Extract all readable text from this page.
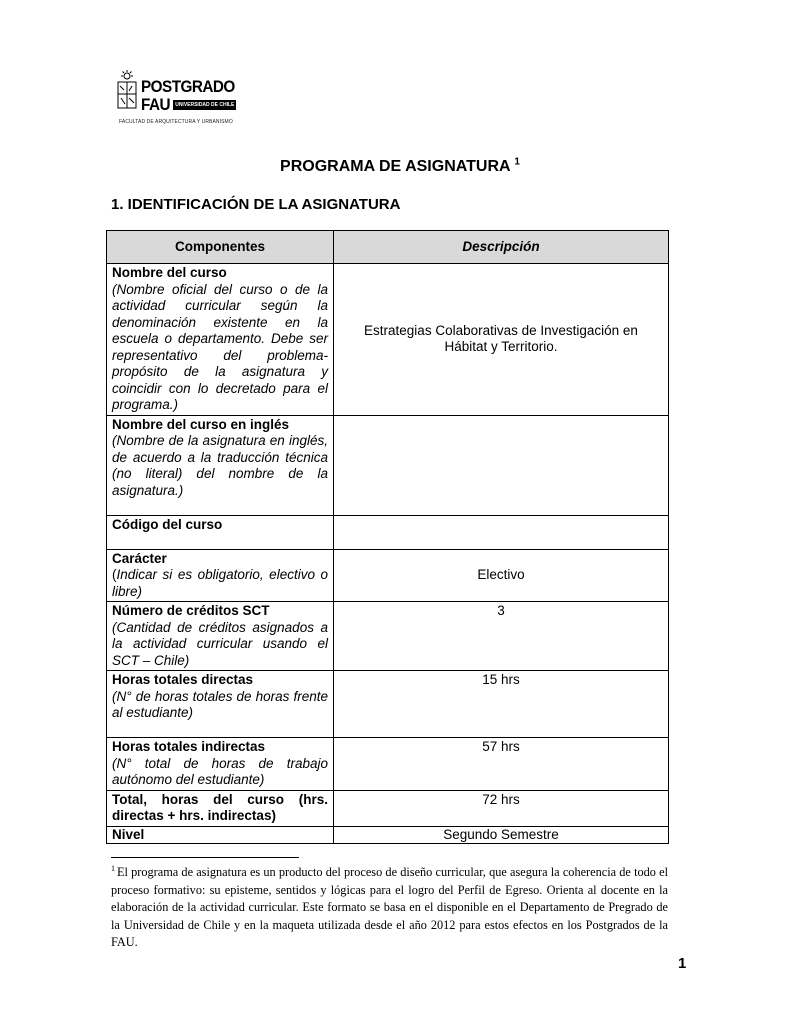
POSTGRADO
FAU	UNIVERSIDAD DE CHILE
FACULTAD DE ARQUITECTURA Y URBANISMO
PROGRAMA DE ASIGNATURA $^1$
1. IDENTIFICACIÓN DE LA ASIGNATURA
Componentes	Descripción

Nombre del curso
(Nombre oficial del curso o de la actividad curricular según la denominación existente en la escuela o departamento. Debe ser representativo del problema-propósito de la asignatura y coincidir con lo decretado para el programa.)	Estrategias Colaborativas de Investigación en Hábitat y Territorio.

Nombre del curso en inglés
(Nombre de la asignatura en inglés, de acuerdo a la traducción técnica (no literal) del nombre de la asignatura.)	

Código del curso	

Carácter
(Indicar si es obligatorio, electivo o libre)	Electivo

Número de créditos SCT
(Cantidad de créditos asignados a la actividad curricular usando el SCT – Chile)	3

Horas totales directas
(N° de horas totales de horas frente al estudiante)	15 hrs

Horas totales indirectas
(N° total de horas de trabajo autónomo del estudiante)	57 hrs

Total, horas del curso (hrs. directas + hrs. indirectas)	72 hrs

Nivel	Segundo Semestre
$^1$ El programa de asignatura es un producto del proceso de diseño curricular, que asegura la coherencia de todo el proceso formativo: su episteme, sentidos y lógicas para el logro del Perfil de Egreso. Orienta al docente en la elaboración de la actividad curricular. Este formato se basa en el disponible en el Departamento de Pregrado de la Universidad de Chile y en la maqueta utilizada desde el año 2012 para estos efectos en los Postgrados de la FAU.
1
